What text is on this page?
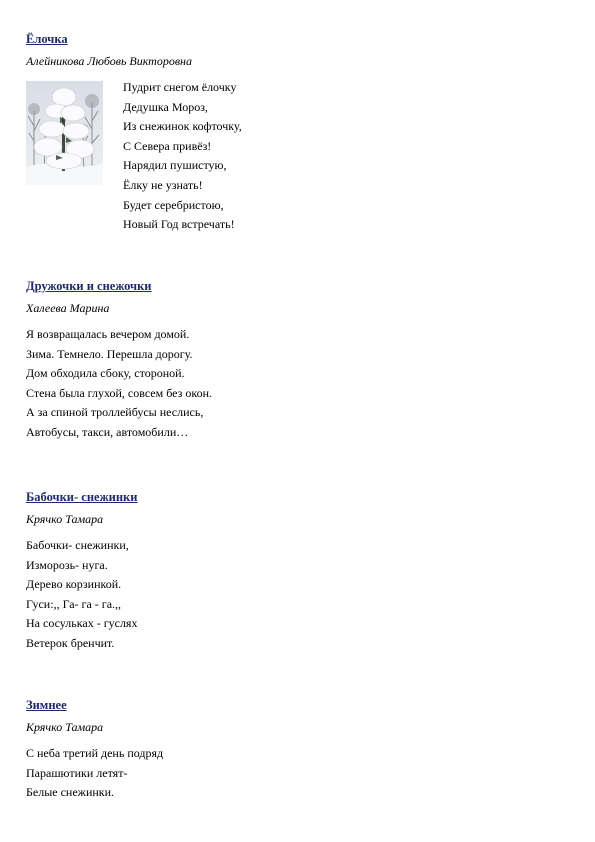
Ёлочка
Алейникова Любовь Викторовна
Пудрит снегом ёлочку
Дедушка Мороз,
Из снежинок кофточку,
С Севера привёз!
Нарядил пушистую,
Ёлку не узнать!
Будет серебристою,
Новый Год встречать!
Дружочки и снежочки
Халеева Марина
Я возвращалась вечером домой.
Зима. Темнело. Перешла дорогу.
Дом обходила сбоку, стороной.
Стена была глухой, совсем без окон.
А за спиной троллейбусы неслись,
Автобусы, такси, автомобили…
Бабочки- снежинки
Крячко Тамара
Бабочки- снежинки,
Изморозь- нуга.
Дерево корзинкой.
Гуси:,, Га- га - га.,,
На сосульках - гуслях
Ветерок бренчит.
Зимнее
Крячко Тамара
С неба третий день подряд
Парашютики летят-
Белые снежинки.
